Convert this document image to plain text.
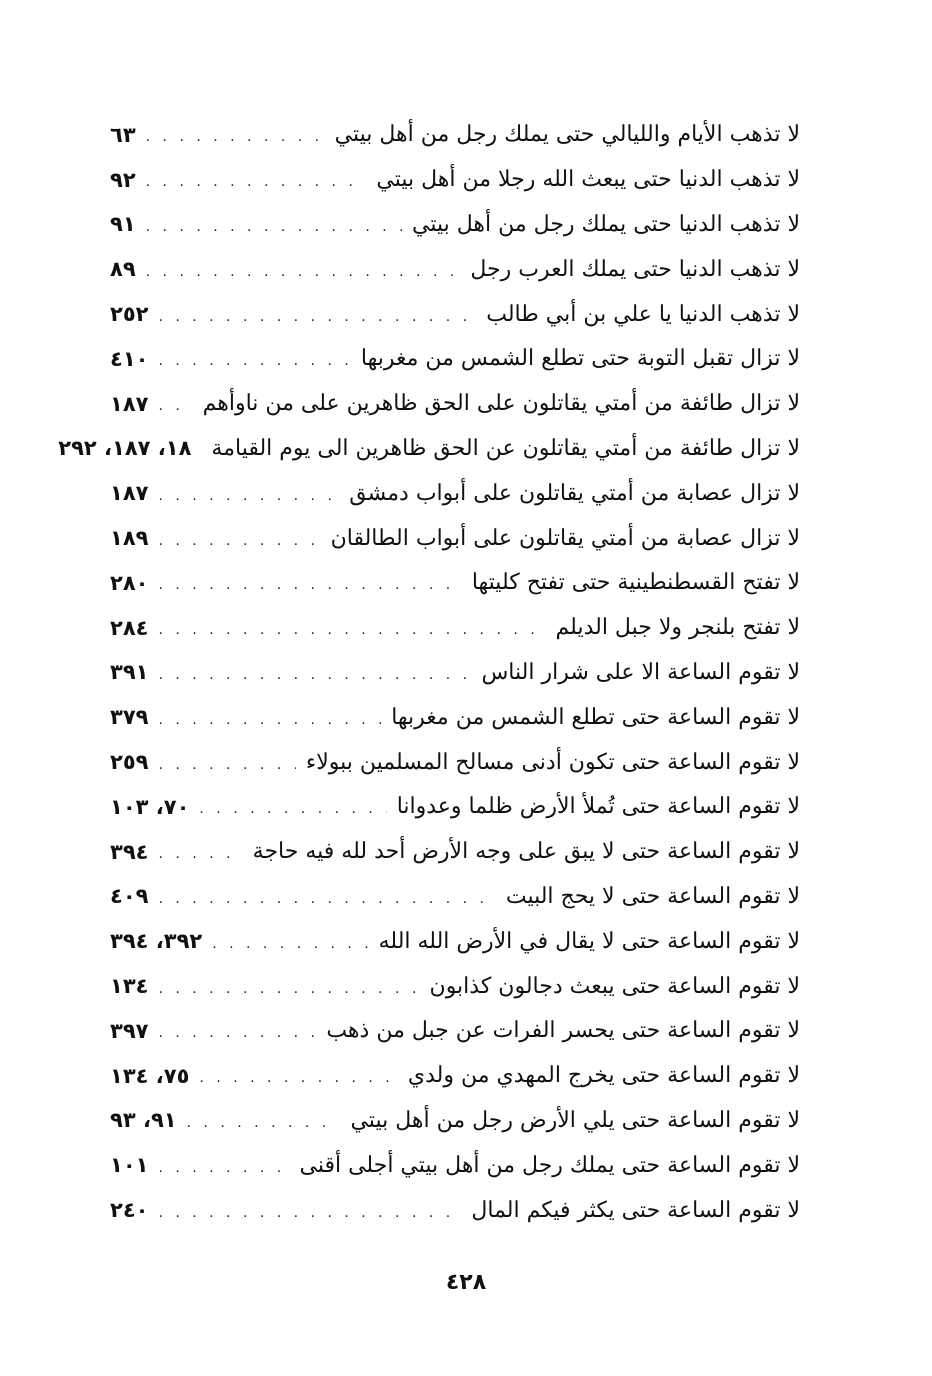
لا تذهب الأيام والليالي حتى يملك رجل من أهل بيتي
. . .
٦٣
لا تذهب الدنيا حتى يبعث الله رجلا من أهل بيتي
. . .
٩٢
لا تذهب الدنيا حتى يملك رجل من أهل بيتي
. . .
٩١
لا تذهب الدنيا حتى يملك العرب رجل
. . .
٨٩
لا تذهب الدنيا يا علي بن أبي طالب
. . .
٢٥٢
لا تزال تقبل التوبة حتى تطلع الشمس من مغربها
. . .
٤١٠
لا تزال طائفة من أمتي يقاتلون على الحق ظاهرين على من ناوأهم
. . .
١٨٧
لا تزال طائفة من أمتي يقاتلون عن الحق ظاهرين الى يوم القيامة
١٨، ١٨٧، ٢٩٢
لا تزال عصابة من أمتي يقاتلون على أبواب دمشق
. . .
١٨٧
لا تزال عصابة من أمتي يقاتلون على أبواب الطالقان
. . .
١٨٩
لا تفتح القسطنطينية حتى تفتح كليتها
. . .
٢٨٠
لا تفتح بلنجر ولا جبل الديلم
. . .
٢٨٤
لا تقوم الساعة الا على شرار الناس
. . .
٣٩١
لا تقوم الساعة حتى تطلع الشمس من مغربها
. . .
٣٧٩
لا تقوم الساعة حتى تكون أدنى مسالح المسلمين ببولاء
. . .
٢٥٩
لا تقوم الساعة حتى تُملأ الأرض ظلما وعدوانا
. . .
٧٠، ١٠٣
لا تقوم الساعة حتى لا يبق على وجه الأرض أحد لله فيه حاجة
. . .
٣٩٤
لا تقوم الساعة حتى لا يحج البيت
. . .
٤٠٩
لا تقوم الساعة حتى لا يقال في الأرض الله الله
. . .
٣٩٢، ٣٩٤
لا تقوم الساعة حتى يبعث دجالون كذابون
. . .
١٣٤
لا تقوم الساعة حتى يحسر الفرات عن جبل من ذهب
. . .
٣٩٧
لا تقوم الساعة حتى يخرج المهدي من ولدي
. . .
٧٥، ١٣٤
لا تقوم الساعة حتى يلي الأرض رجل من أهل بيتي
. . .
٩١، ٩٣
لا تقوم الساعة حتى يملك رجل من أهل بيتي أجلى أقنى
. . .
١٠١
لا تقوم الساعة حتى يكثر فيكم المال
. . .
٢٤٠
٤٢٨
